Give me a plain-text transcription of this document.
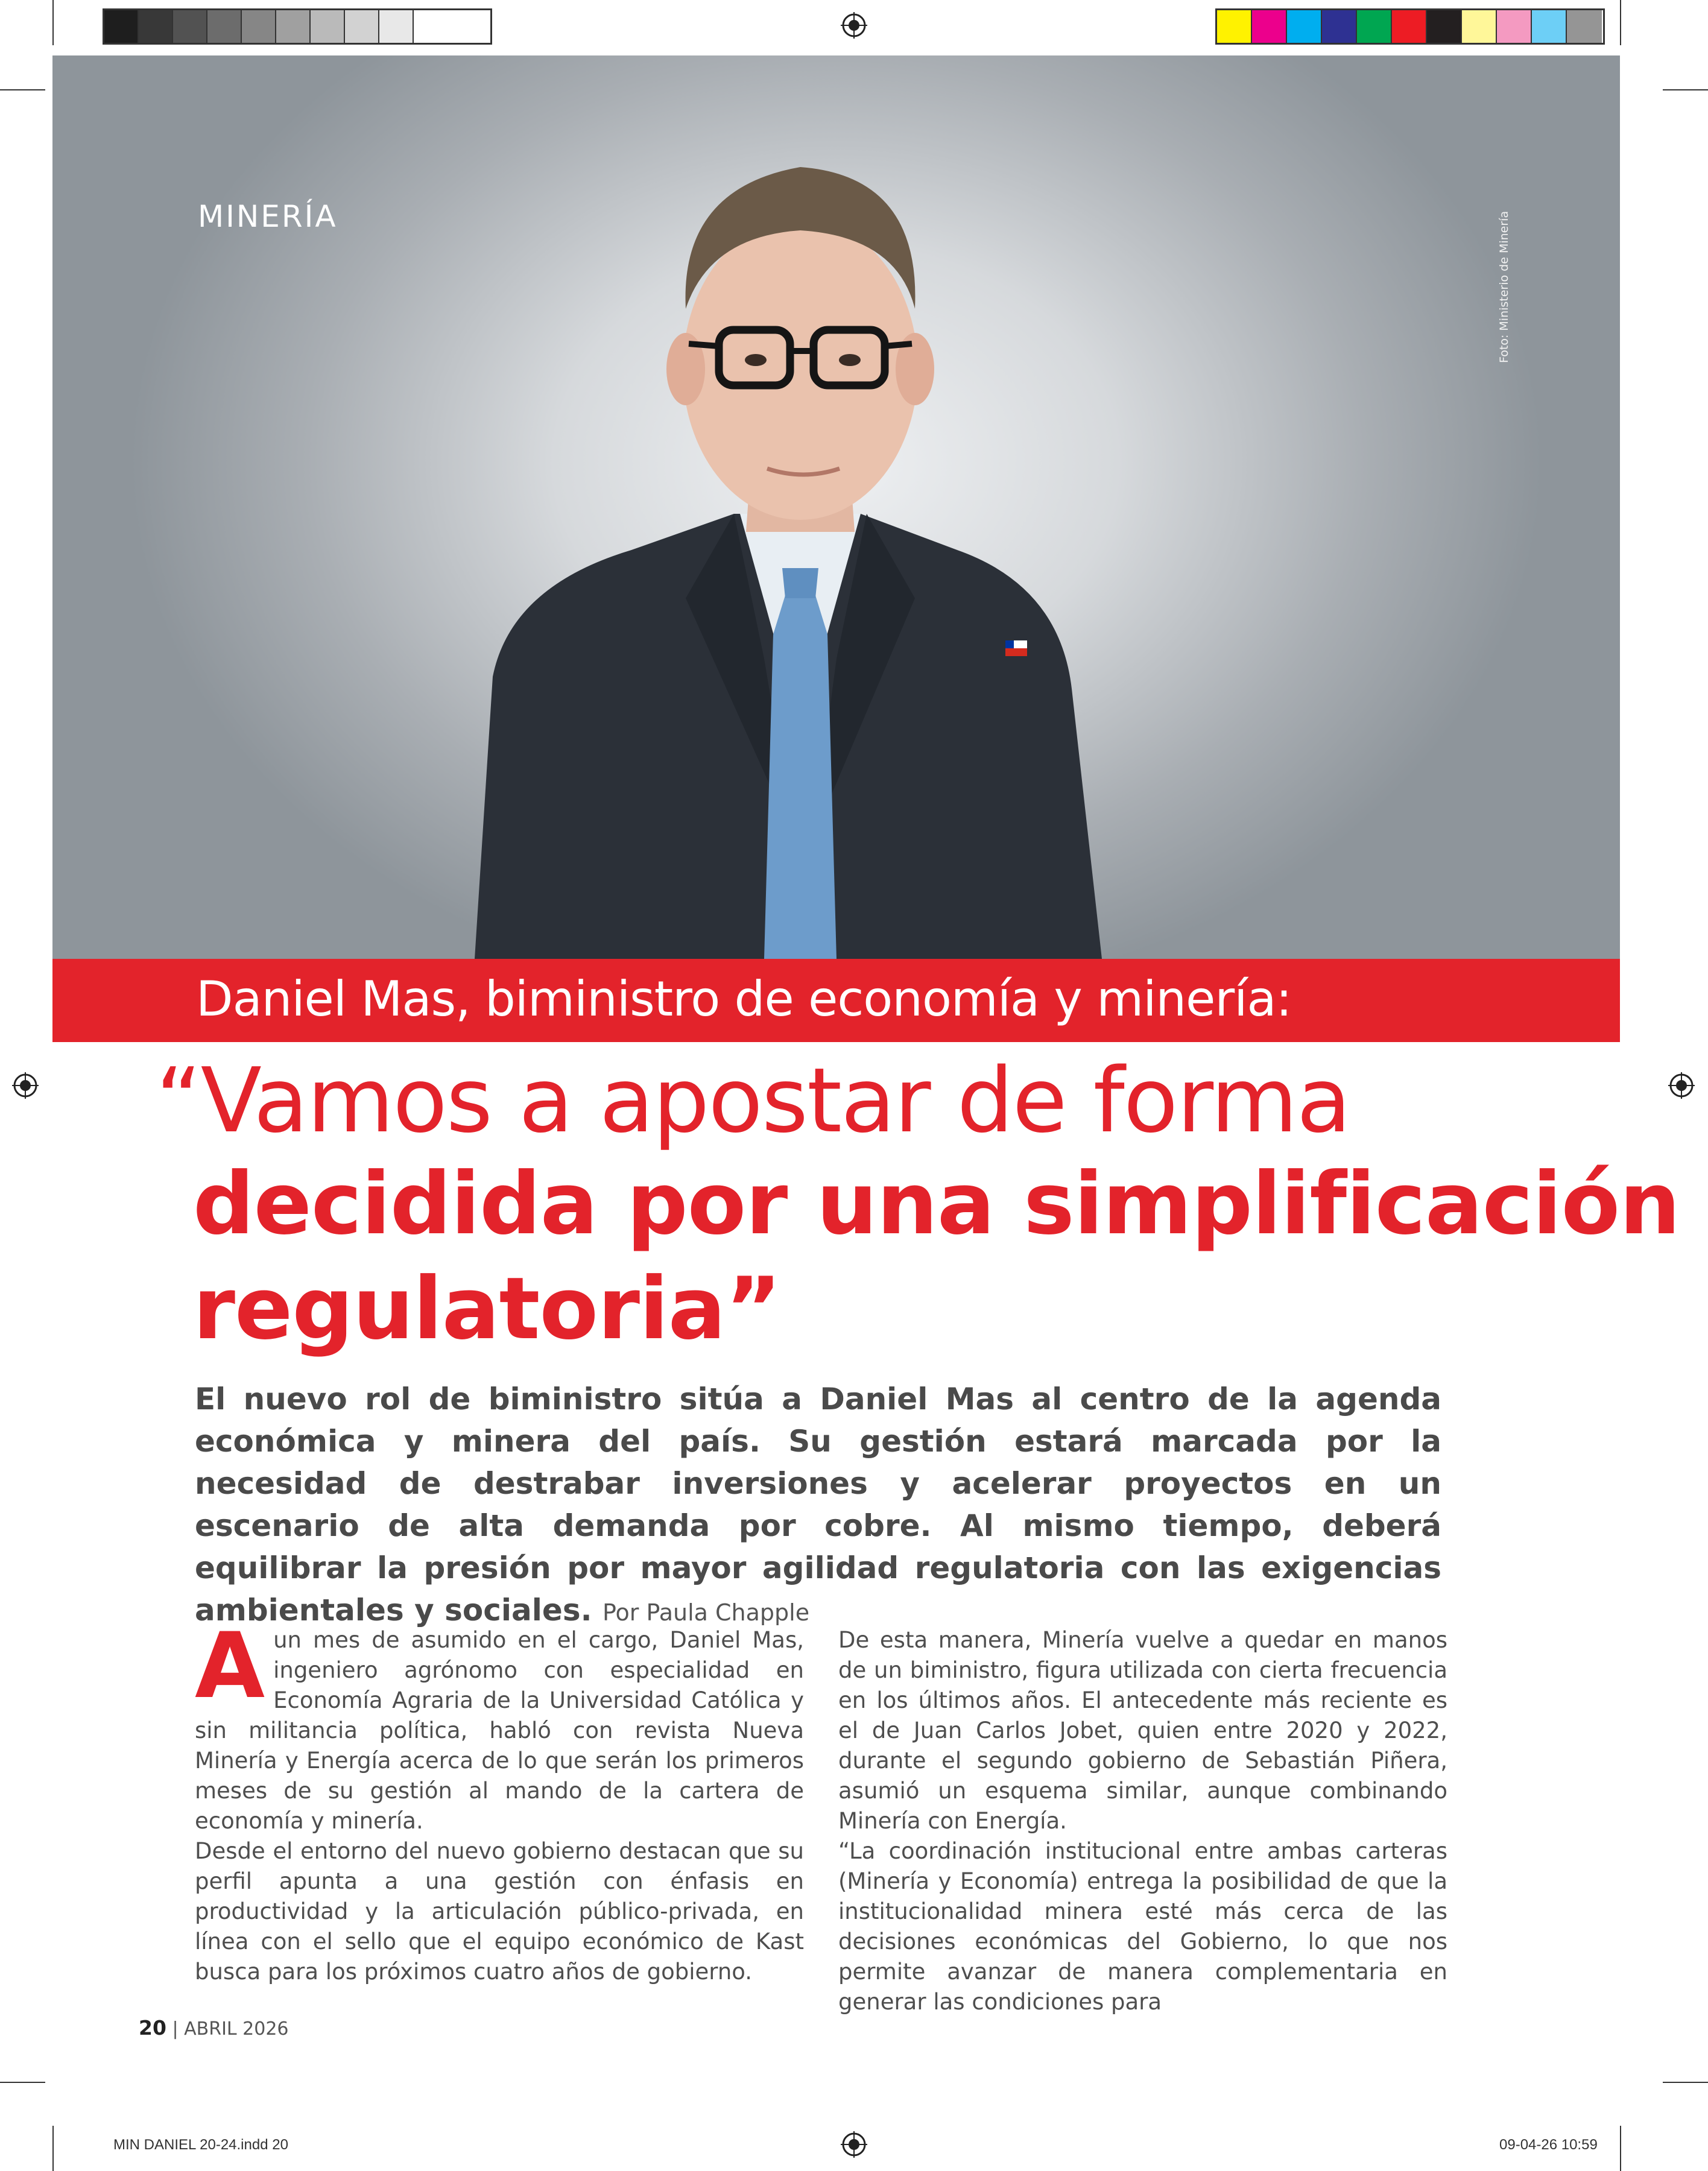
MINERÍA	Foto: Ministerio de Minería
Daniel Mas, biministro de economía y minería:
“Vamos a apostar de forma
decidida por una simplificación
regulatoria”
El nuevo rol de biministro sitúa a Daniel Mas al centro de la agenda económica y minera del país. Su gestión estará marcada por la necesidad de destrabar inversiones y acelerar proyectos en un escenario de alta demanda por cobre. Al mismo tiempo, deberá equilibrar la presión por mayor agilidad regulatoria con las exigencias ambientales y sociales. Por Paula Chapple

A un mes de asumido en el cargo, Daniel Mas, ingeniero agrónomo con especialidad en Economía Agraria de la Universidad Católica y sin militancia política, habló con revista Nueva Minería y Energía acerca de lo que serán los primeros meses de su gestión al mando de la cartera de economía y minería.

Desde el entorno del nuevo gobierno destacan que su perfil apunta a una gestión con énfasis en productividad y la articulación público-privada, en línea con el sello que el equipo económico de Kast busca para los próximos cuatro años de gobierno.

De esta manera, Minería vuelve a quedar en manos de un biministro, figura utilizada con cierta frecuencia en los últimos años. El antecedente más reciente es el de Juan Carlos Jobet, quien entre 2020 y 2022, durante el segundo gobierno de Sebastián Piñera, asumió un esquema similar, aunque combinando Minería con Energía.

“La coordinación institucional entre ambas carteras (Minería y Economía) entrega la posibilidad de que la institucionalidad minera esté más cerca de las decisiones económicas del Gobierno, lo que nos permite avanzar de manera complementaria en generar las condiciones para

20 | ABRIL 2026
MIN DANIEL 20-24.indd 20	09-04-26 10:59
